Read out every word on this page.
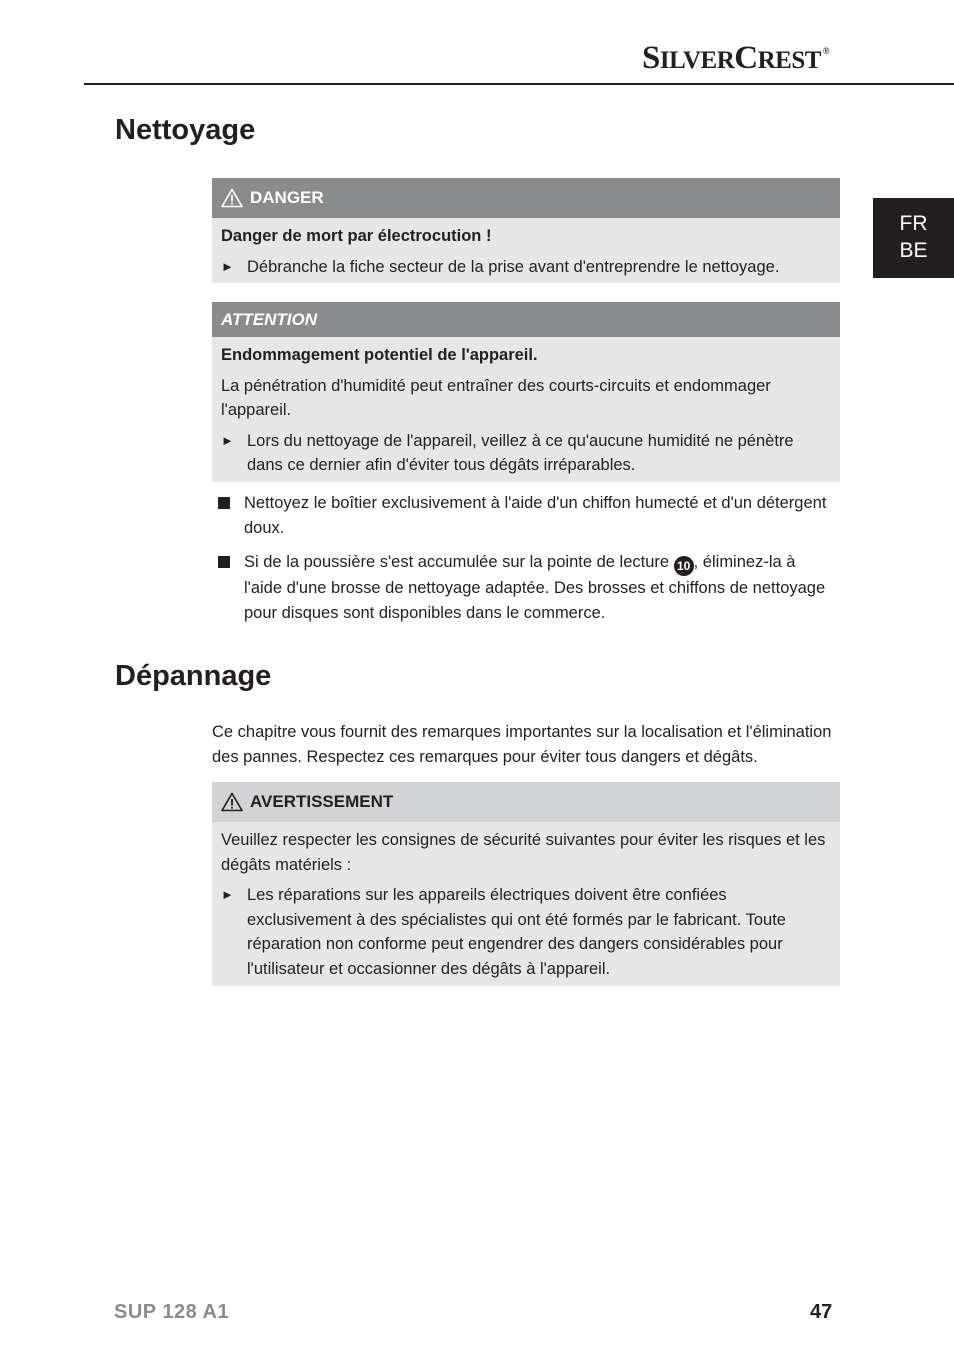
SILVERCREST ®
FR
BE
Nettoyage
DANGER
Danger de mort par électrocution !
► Débranche la fiche secteur de la prise avant d'entreprendre le nettoyage.
ATTENTION
Endommagement potentiel de l'appareil.

La pénétration d'humidité peut entraîner des courts-circuits et endommager l'appareil.

► Lors du nettoyage de l'appareil, veillez à ce qu'aucune humidité ne pénètre dans ce dernier afin d'éviter tous dégâts irréparables.
Nettoyez le boîtier exclusivement à l'aide d'un chiffon humecté et d'un détergent doux.
Si de la poussière s'est accumulée sur la pointe de lecture 10 , éliminez-la à l'aide d'une brosse de nettoyage adaptée. Des brosses et chiffons de nettoyage pour disques sont disponibles dans le commerce.
Dépannage

Ce chapitre vous fournit des remarques importantes sur la localisation et l'élimination des pannes. Respectez ces remarques pour éviter tous dangers et dégâts.

AVERTISSEMENT

Veuillez respecter les consignes de sécurité suivantes pour éviter les risques et les dégâts matériels :

► Les réparations sur les appareils électriques doivent être confiées exclusivement à des spécialistes qui ont été formés par le fabricant. Toute réparation non conforme peut engendrer des dangers considérables pour l'utilisateur et occasionner des dégâts à l'appareil.
SUP 128 A1	47
